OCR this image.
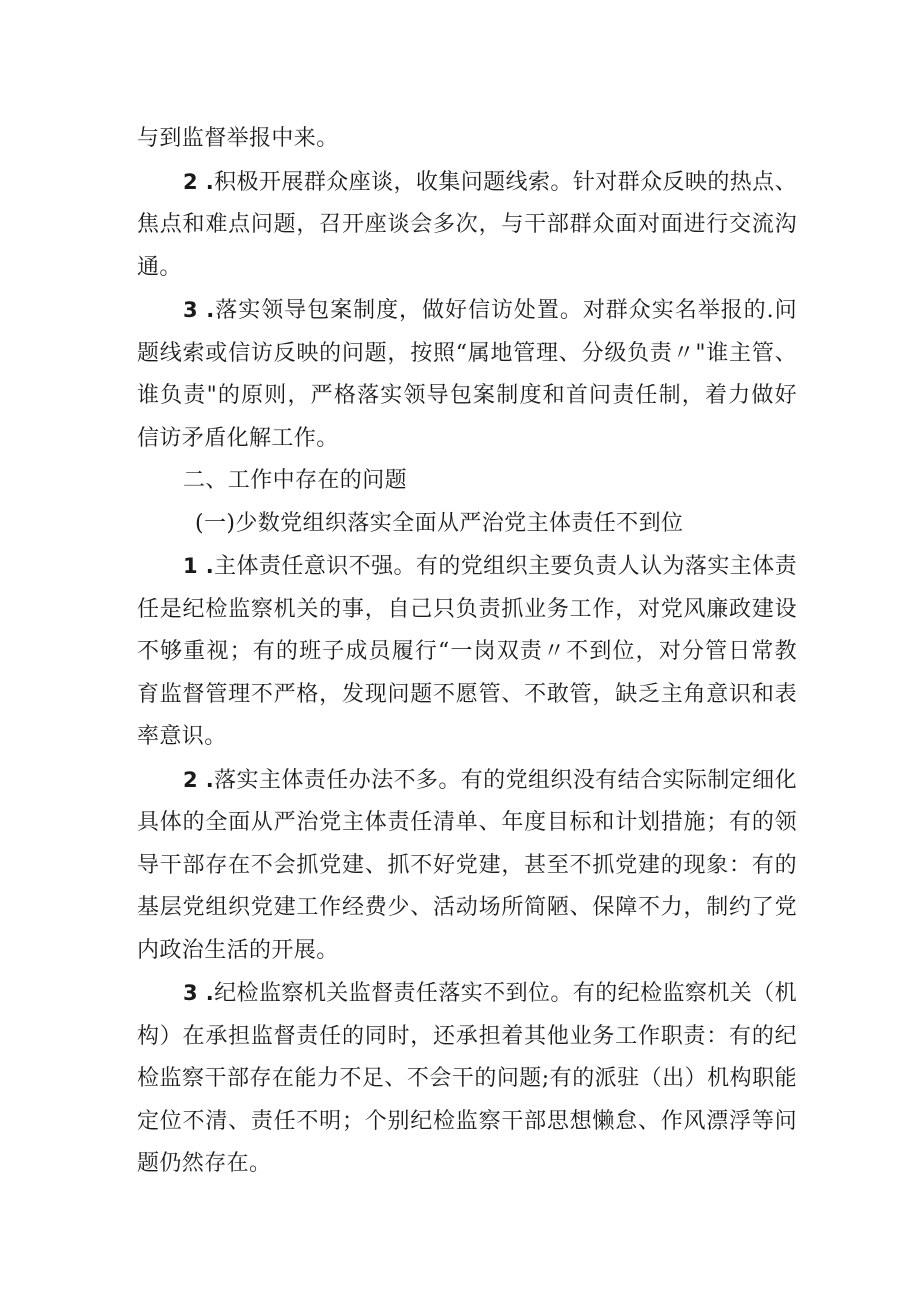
与到监督举报中来。

2 .积极开展群众座谈，收集问题线索。针对群众反映的热点、焦点和难点问题，召开座谈会多次，与干部群众面对面进行交流沟通。

3 .落实领导包案制度，做好信访处置。对群众实名举报的.问题线索或信访反映的问题，按照“属地管理、分级负责〃"谁主管、谁负责"的原则，严格落实领导包案制度和首问责任制，着力做好信访矛盾化解工作。

二、工作中存在的问题

(一)少数党组织落实全面从严治党主体责任不到位

1 .主体责任意识不强。有的党组织主要负责人认为落实主体责任是纪检监察机关的事，自己只负责抓业务工作，对党风廉政建设不够重视；有的班子成员履行“一岗双责〃不到位，对分管日常教育监督管理不严格，发现问题不愿管、不敢管，缺乏主角意识和表率意识。

2 .落实主体责任办法不多。有的党组织没有结合实际制定细化具体的全面从严治党主体责任清单、年度目标和计划措施；有的领导干部存在不会抓党建、抓不好党建，甚至不抓党建的现象：有的基层党组织党建工作经费少、活动场所简陋、保障不力，制约了党内政治生活的开展。

3 .纪检监察机关监督责任落实不到位。有的纪检监察机关（机构）在承担监督责任的同时，还承担着其他业务工作职责：有的纪检监察干部存在能力不足、不会干的问题;有的派驻（出）机构职能定位不清、责任不明；个别纪检监察干部思想懒怠、作风漂浮等问题仍然存在。
